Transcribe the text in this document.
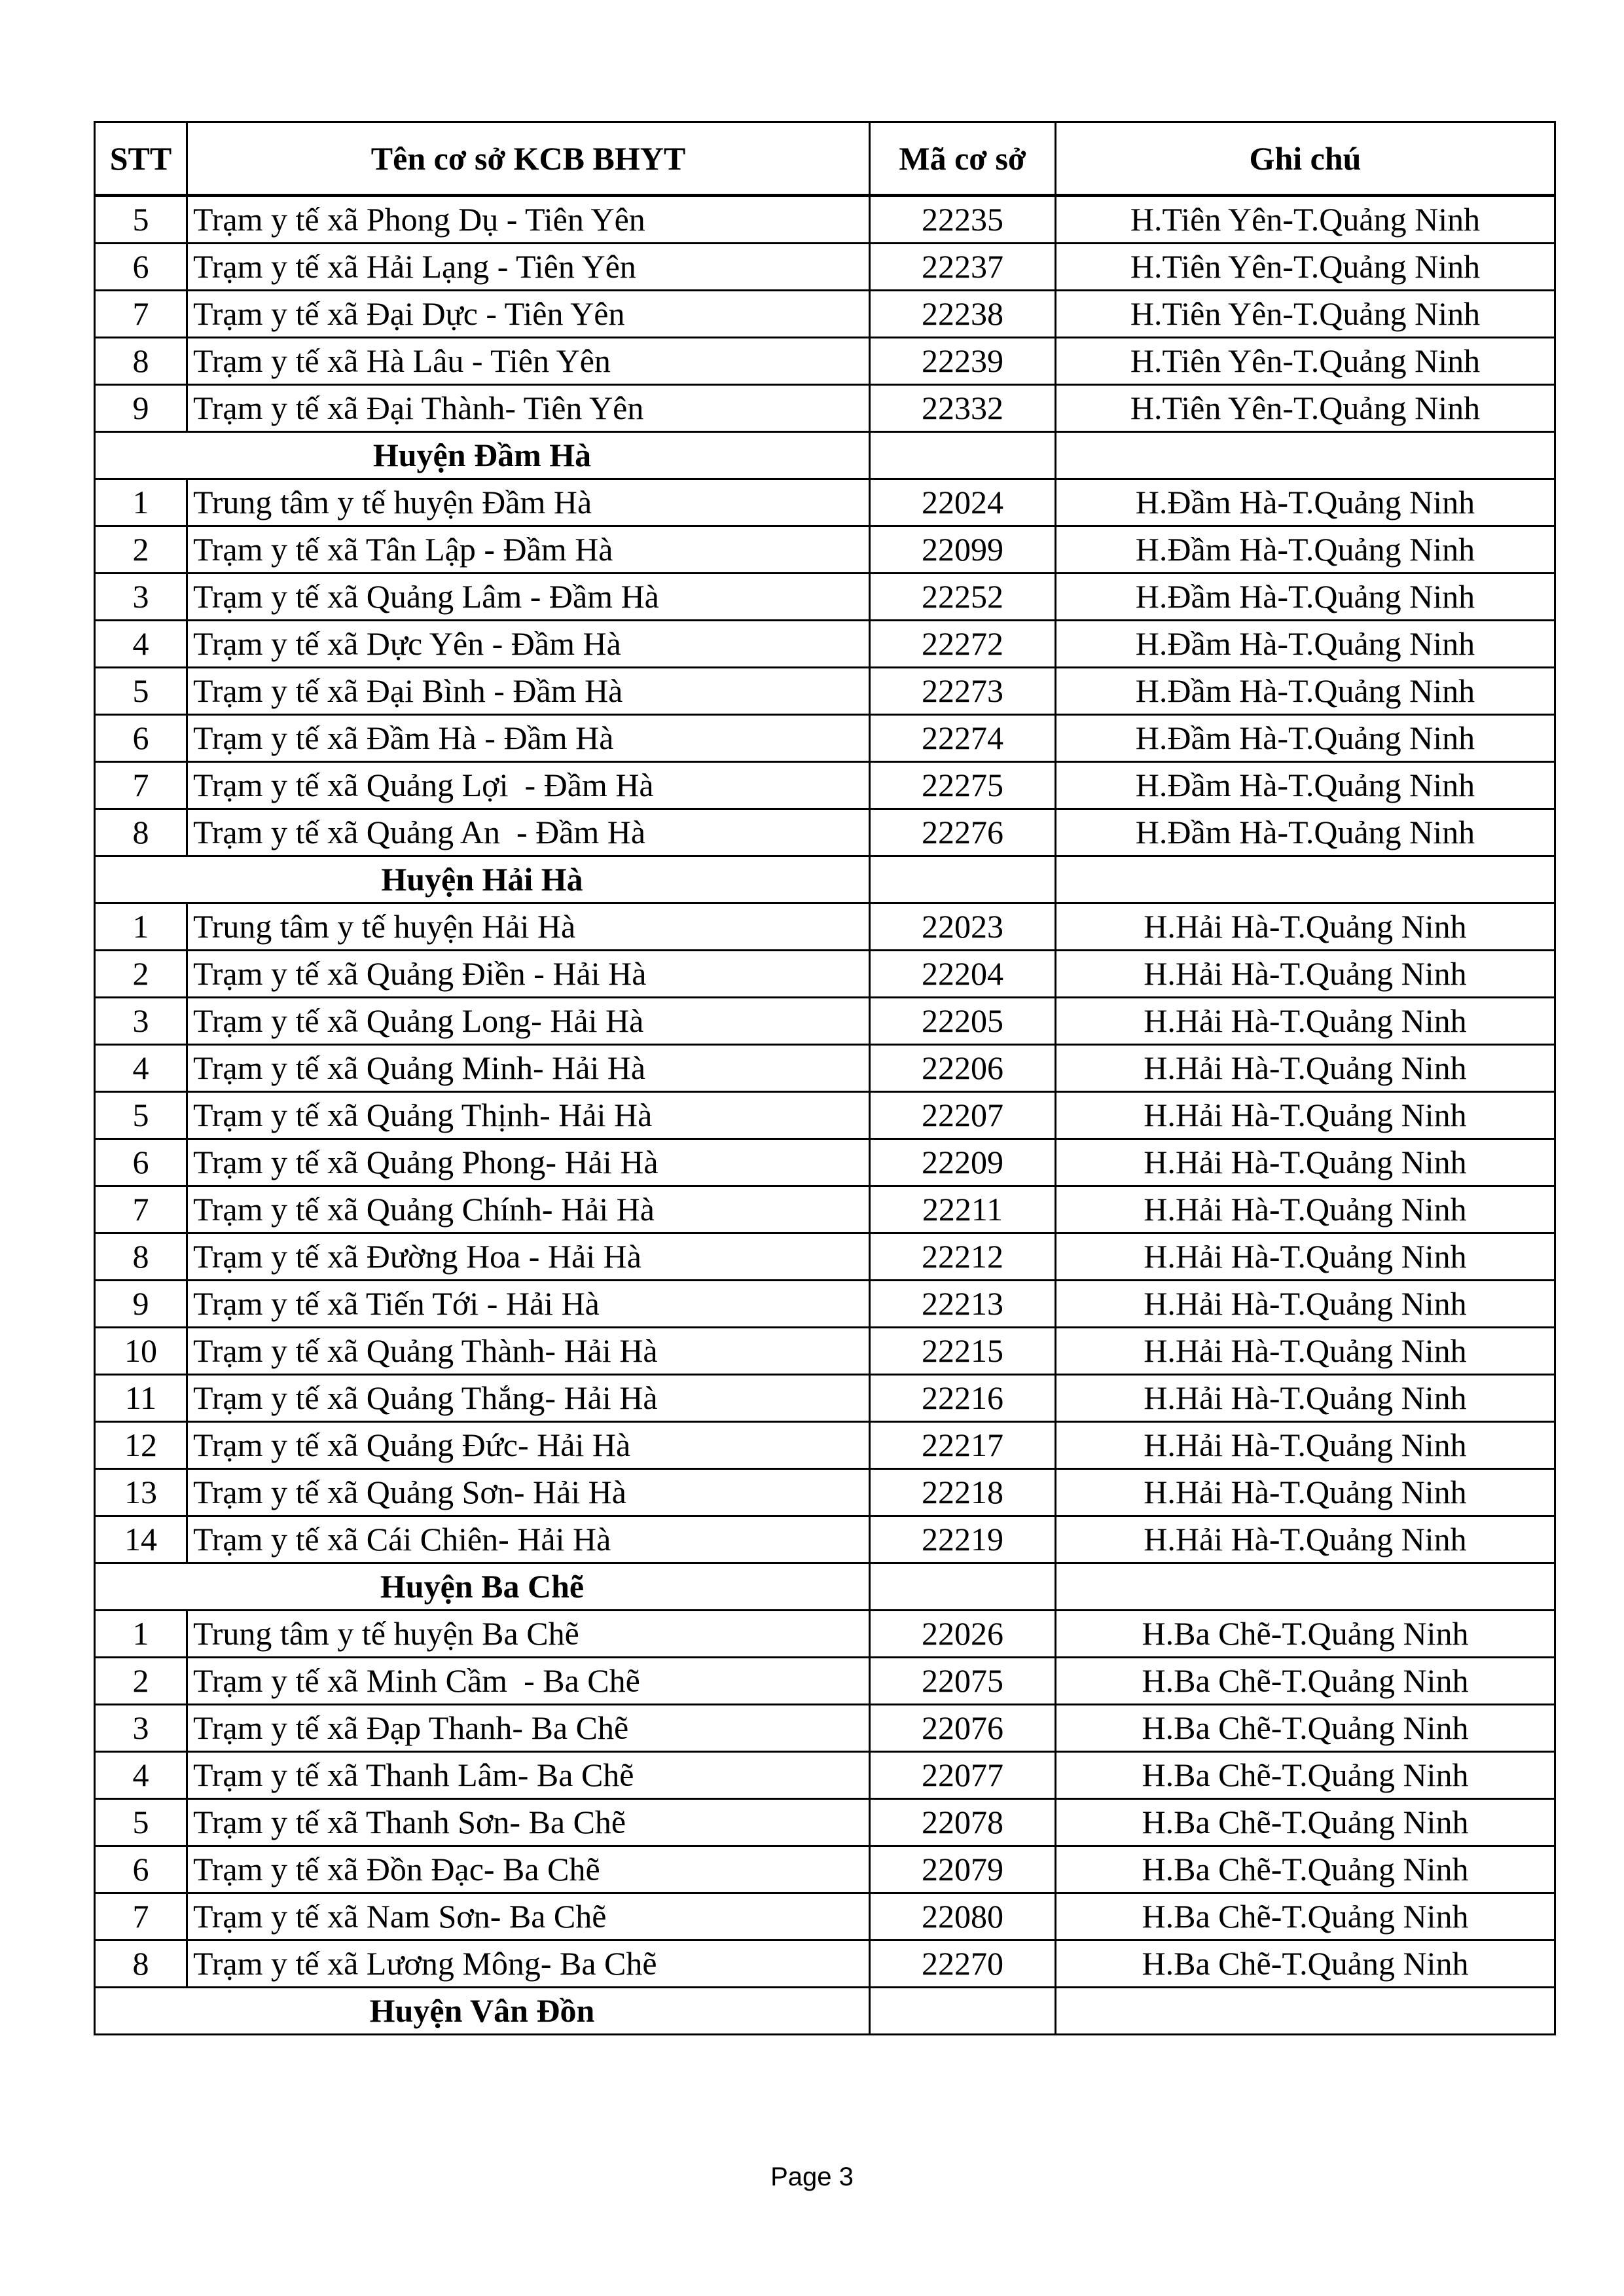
STT	Tên cơ sở KCB BHYT	Mã cơ sở	Ghi chú
5	Trạm y tế xã Phong Dụ - Tiên Yên	22235	H.Tiên Yên-T.Quảng Ninh
6	Trạm y tế xã Hải Lạng - Tiên Yên	22237	H.Tiên Yên-T.Quảng Ninh
7	Trạm y tế xã Đại Dực - Tiên Yên	22238	H.Tiên Yên-T.Quảng Ninh
8	Trạm y tế xã Hà Lâu - Tiên Yên	22239	H.Tiên Yên-T.Quảng Ninh
9	Trạm y tế xã Đại Thành- Tiên Yên	22332	H.Tiên Yên-T.Quảng Ninh
Huyện Đầm Hà			
1	Trung tâm y tế huyện Đầm Hà	22024	H.Đầm Hà-T.Quảng Ninh
2	Trạm y tế xã Tân Lập - Đầm Hà	22099	H.Đầm Hà-T.Quảng Ninh
3	Trạm y tế xã Quảng Lâm - Đầm Hà	22252	H.Đầm Hà-T.Quảng Ninh
4	Trạm y tế xã Dực Yên - Đầm Hà	22272	H.Đầm Hà-T.Quảng Ninh
5	Trạm y tế xã Đại Bình - Đầm Hà	22273	H.Đầm Hà-T.Quảng Ninh
6	Trạm y tế xã Đầm Hà - Đầm Hà	22274	H.Đầm Hà-T.Quảng Ninh
7	Trạm y tế xã Quảng Lợi  - Đầm Hà	22275	H.Đầm Hà-T.Quảng Ninh
8	Trạm y tế xã Quảng An  - Đầm Hà	22276	H.Đầm Hà-T.Quảng Ninh
Huyện Hải Hà			
1	Trung tâm y tế huyện Hải Hà	22023	H.Hải Hà-T.Quảng Ninh
2	Trạm y tế xã Quảng Điền - Hải Hà	22204	H.Hải Hà-T.Quảng Ninh
3	Trạm y tế xã Quảng Long- Hải Hà	22205	H.Hải Hà-T.Quảng Ninh
4	Trạm y tế xã Quảng Minh- Hải Hà	22206	H.Hải Hà-T.Quảng Ninh
5	Trạm y tế xã Quảng Thịnh- Hải Hà	22207	H.Hải Hà-T.Quảng Ninh
6	Trạm y tế xã Quảng Phong- Hải Hà	22209	H.Hải Hà-T.Quảng Ninh
7	Trạm y tế xã Quảng Chính- Hải Hà	22211	H.Hải Hà-T.Quảng Ninh
8	Trạm y tế xã Đường Hoa - Hải Hà	22212	H.Hải Hà-T.Quảng Ninh
9	Trạm y tế xã Tiến Tới - Hải Hà	22213	H.Hải Hà-T.Quảng Ninh
10	Trạm y tế xã Quảng Thành- Hải Hà	22215	H.Hải Hà-T.Quảng Ninh
11	Trạm y tế xã Quảng Thắng- Hải Hà	22216	H.Hải Hà-T.Quảng Ninh
12	Trạm y tế xã Quảng Đức- Hải Hà	22217	H.Hải Hà-T.Quảng Ninh
13	Trạm y tế xã Quảng Sơn- Hải Hà	22218	H.Hải Hà-T.Quảng Ninh
14	Trạm y tế xã Cái Chiên- Hải Hà	22219	H.Hải Hà-T.Quảng Ninh
Huyện Ba Chẽ			
1	Trung tâm y tế huyện Ba Chẽ	22026	H.Ba Chẽ-T.Quảng Ninh
2	Trạm y tế xã Minh Cầm  - Ba Chẽ	22075	H.Ba Chẽ-T.Quảng Ninh
3	Trạm y tế xã Đạp Thanh- Ba Chẽ	22076	H.Ba Chẽ-T.Quảng Ninh
4	Trạm y tế xã Thanh Lâm- Ba Chẽ	22077	H.Ba Chẽ-T.Quảng Ninh
5	Trạm y tế xã Thanh Sơn- Ba Chẽ	22078	H.Ba Chẽ-T.Quảng Ninh
6	Trạm y tế xã Đồn Đạc- Ba Chẽ	22079	H.Ba Chẽ-T.Quảng Ninh
7	Trạm y tế xã Nam Sơn- Ba Chẽ	22080	H.Ba Chẽ-T.Quảng Ninh
8	Trạm y tế xã Lương Mông- Ba Chẽ	22270	H.Ba Chẽ-T.Quảng Ninh
Huyện Vân Đồn			
Page 3
